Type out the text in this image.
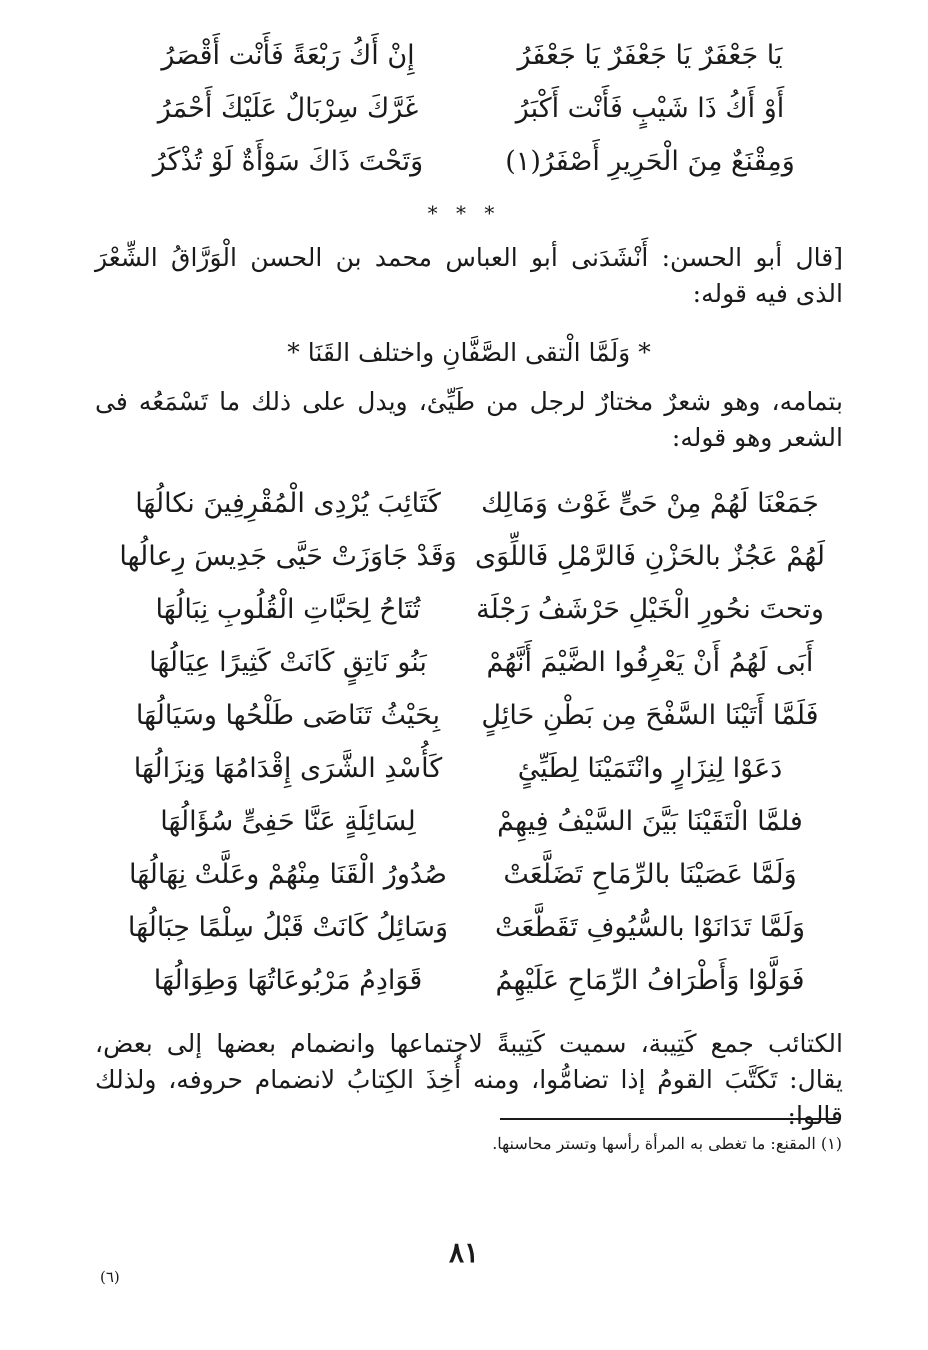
يَا جَعْفَرٌ يَا جَعْفَرٌ يَا جَعْفَرُ
إِنْ أَكُ رَبْعَةً فَأَنْت أَقْصَرُ
أَوْ أَكُ ذَا شَيْبٍ فَأَنْت أَكْبَرُ
غَرَّكَ سِرْبَالٌ عَلَيْكَ أَحْمَرُ
وَمِقْنَعٌ مِنَ الْحَرِيرِ أَصْفَرُ(١)
وَتَحْتَ ذَاكَ سَوْأَةٌ لَوْ تُذْكَرُ
* * *
[قال أبو الحسن: أَنْشَدَنى أبو العباس محمد بن الحسن الْوَرَّاقُ الشِّعْرَ الذى فيه قوله:
* وَلَمَّا الْتقى الصَّفَّانِ واختلف القَنَا *
بتمامه، وهو شعرٌ مختارٌ لرجل من طَيِّئ، ويدل على ذلك ما تَسْمَعُه فى الشعر وهو قوله:
جَمَعْنَا لَهُمْ مِنْ حَىٍّ غَوْث وَمَالِك
كَتَائِبَ يُرْدِى الْمُقْرِفِينَ نكالُهَا
لَهُمْ عَجُزٌ بالحَزْنِ فَالرَّمْلِ فَاللِّوَى
وَقَدْ جَاوَزَتْ حَيَّى جَدِيسَ رِعالُها
وتحتَ نحُورِ الْخَيْلِ حَرْشَفُ رَجْلَة
تُتَاحُ لِحَبَّاتِ الْقُلُوبِ نِبَالُهَا
أَبَى لَهُمُ أَنْ يَعْرِفُوا الضَّيْمَ أَنَّهُمْ
بَنُو نَاتِقٍ كَانَتْ كَثِيرًا عِيَالُهَا
فَلَمَّا أَتَيْنَا السَّفْحَ مِن بَطْنِ حَائِلٍ
بِحَيْثُ تَنَاصَى طَلْحُها وسَيَالُهَا
دَعَوْا لِنِزَارٍ وانْتَمَيْنَا لِطَيِّئٍ
كَأُسْدِ الشَّرَى إِقْدَامُهَا وَنِزَالُهَا
فلمَّا الْتَقَيْنَا بَيَّنَ السَّيْفُ فِيهِمْ
لِسَائِلَةٍ عَنَّا حَفِىٍّ سُؤَالُهَا
وَلَمَّا عَصَيْنَا بالرِّمَاحِ تَضَلَّعَتْ
صُدُورُ الْقَنَا مِنْهُمْ وعَلَّتْ نِهَالُهَا
وَلَمَّا تَدَانَوْا بالسُّيُوفِ تَقَطَّعَتْ
وَسَائِلُ كَانَتْ قَبْلُ سِلْمًا حِبَالُهَا
فَوَلَّوْا وَأَطْرَافُ الرِّمَاحِ عَلَيْهِمُ
قَوَادِمُ مَرْبُوعَاتُهَا وَطِوَالُهَا
الكتائب جمع كَتِيبة، سميت كَتِيبةً لاجتماعها وانضمام بعضها إلى بعض، يقال: تَكَتَّبَ القومُ إذا تضامُّوا، ومنه أُخِذَ الكِتابُ لانضمام حروفه، ولذلك قالوا:
(١) المقنع: ما تغطى به المرأة رأسها وتستر محاسنها.
٨١
(٦)
